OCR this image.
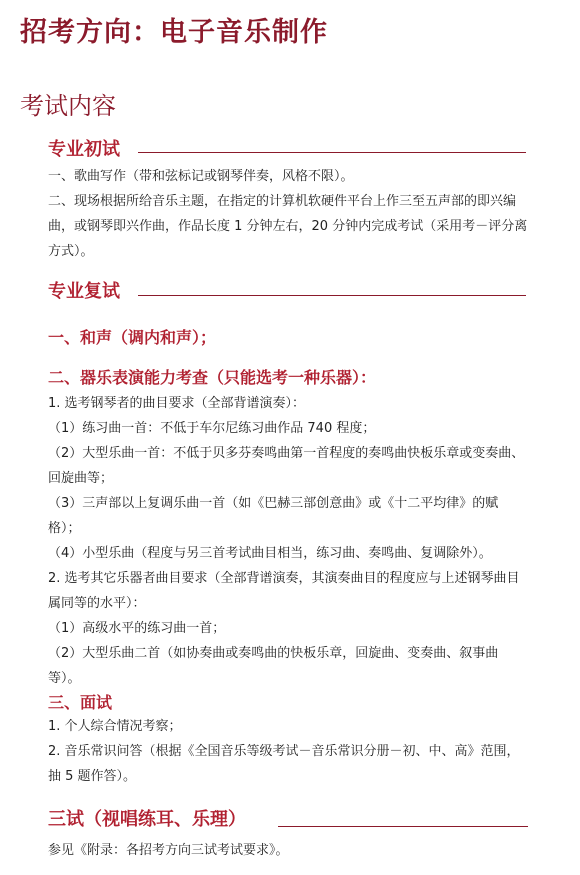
招考方向：电子音乐制作
考试内容
专业初试

一、歌曲写作（带和弦标记或钢琴伴奏，风格不限）。

二、现场根据所给音乐主题，在指定的计算机软硬件平台上作三至五声部的即兴编曲，或钢琴即兴作曲，作品长度 1 分钟左右，20 分钟内完成考试（采用考－评分离方式）。

专业复试
一、和声（调内和声）；
二、器乐表演能力考查（只能选考一种乐器）：

1. 选考钢琴者的曲目要求（全部背谱演奏）：

（1）练习曲一首：不低于车尔尼练习曲作品 740 程度；

（2）大型乐曲一首：不低于贝多芬奏鸣曲第一首程度的奏鸣曲快板乐章或变奏曲、回旋曲等；

（3）三声部以上复调乐曲一首（如《巴赫三部创意曲》或《十二平均律》的赋格）；

（4）小型乐曲（程度与另三首考试曲目相当，练习曲、奏鸣曲、复调除外）。

2. 选考其它乐器者曲目要求（全部背谱演奏，其演奏曲目的程度应与上述钢琴曲目属同等的水平）：

（1）高级水平的练习曲一首；

（2）大型乐曲二首（如协奏曲或奏鸣曲的快板乐章，回旋曲、变奏曲、叙事曲等）。

三、面试

1. 个人综合情况考察；

2. 音乐常识问答（根据《全国音乐等级考试－音乐常识分册－初、中、高》范围，抽 5 题作答）。

三试（视唱练耳、乐理）

参见《附录：各招考方向三试考试要求》。
